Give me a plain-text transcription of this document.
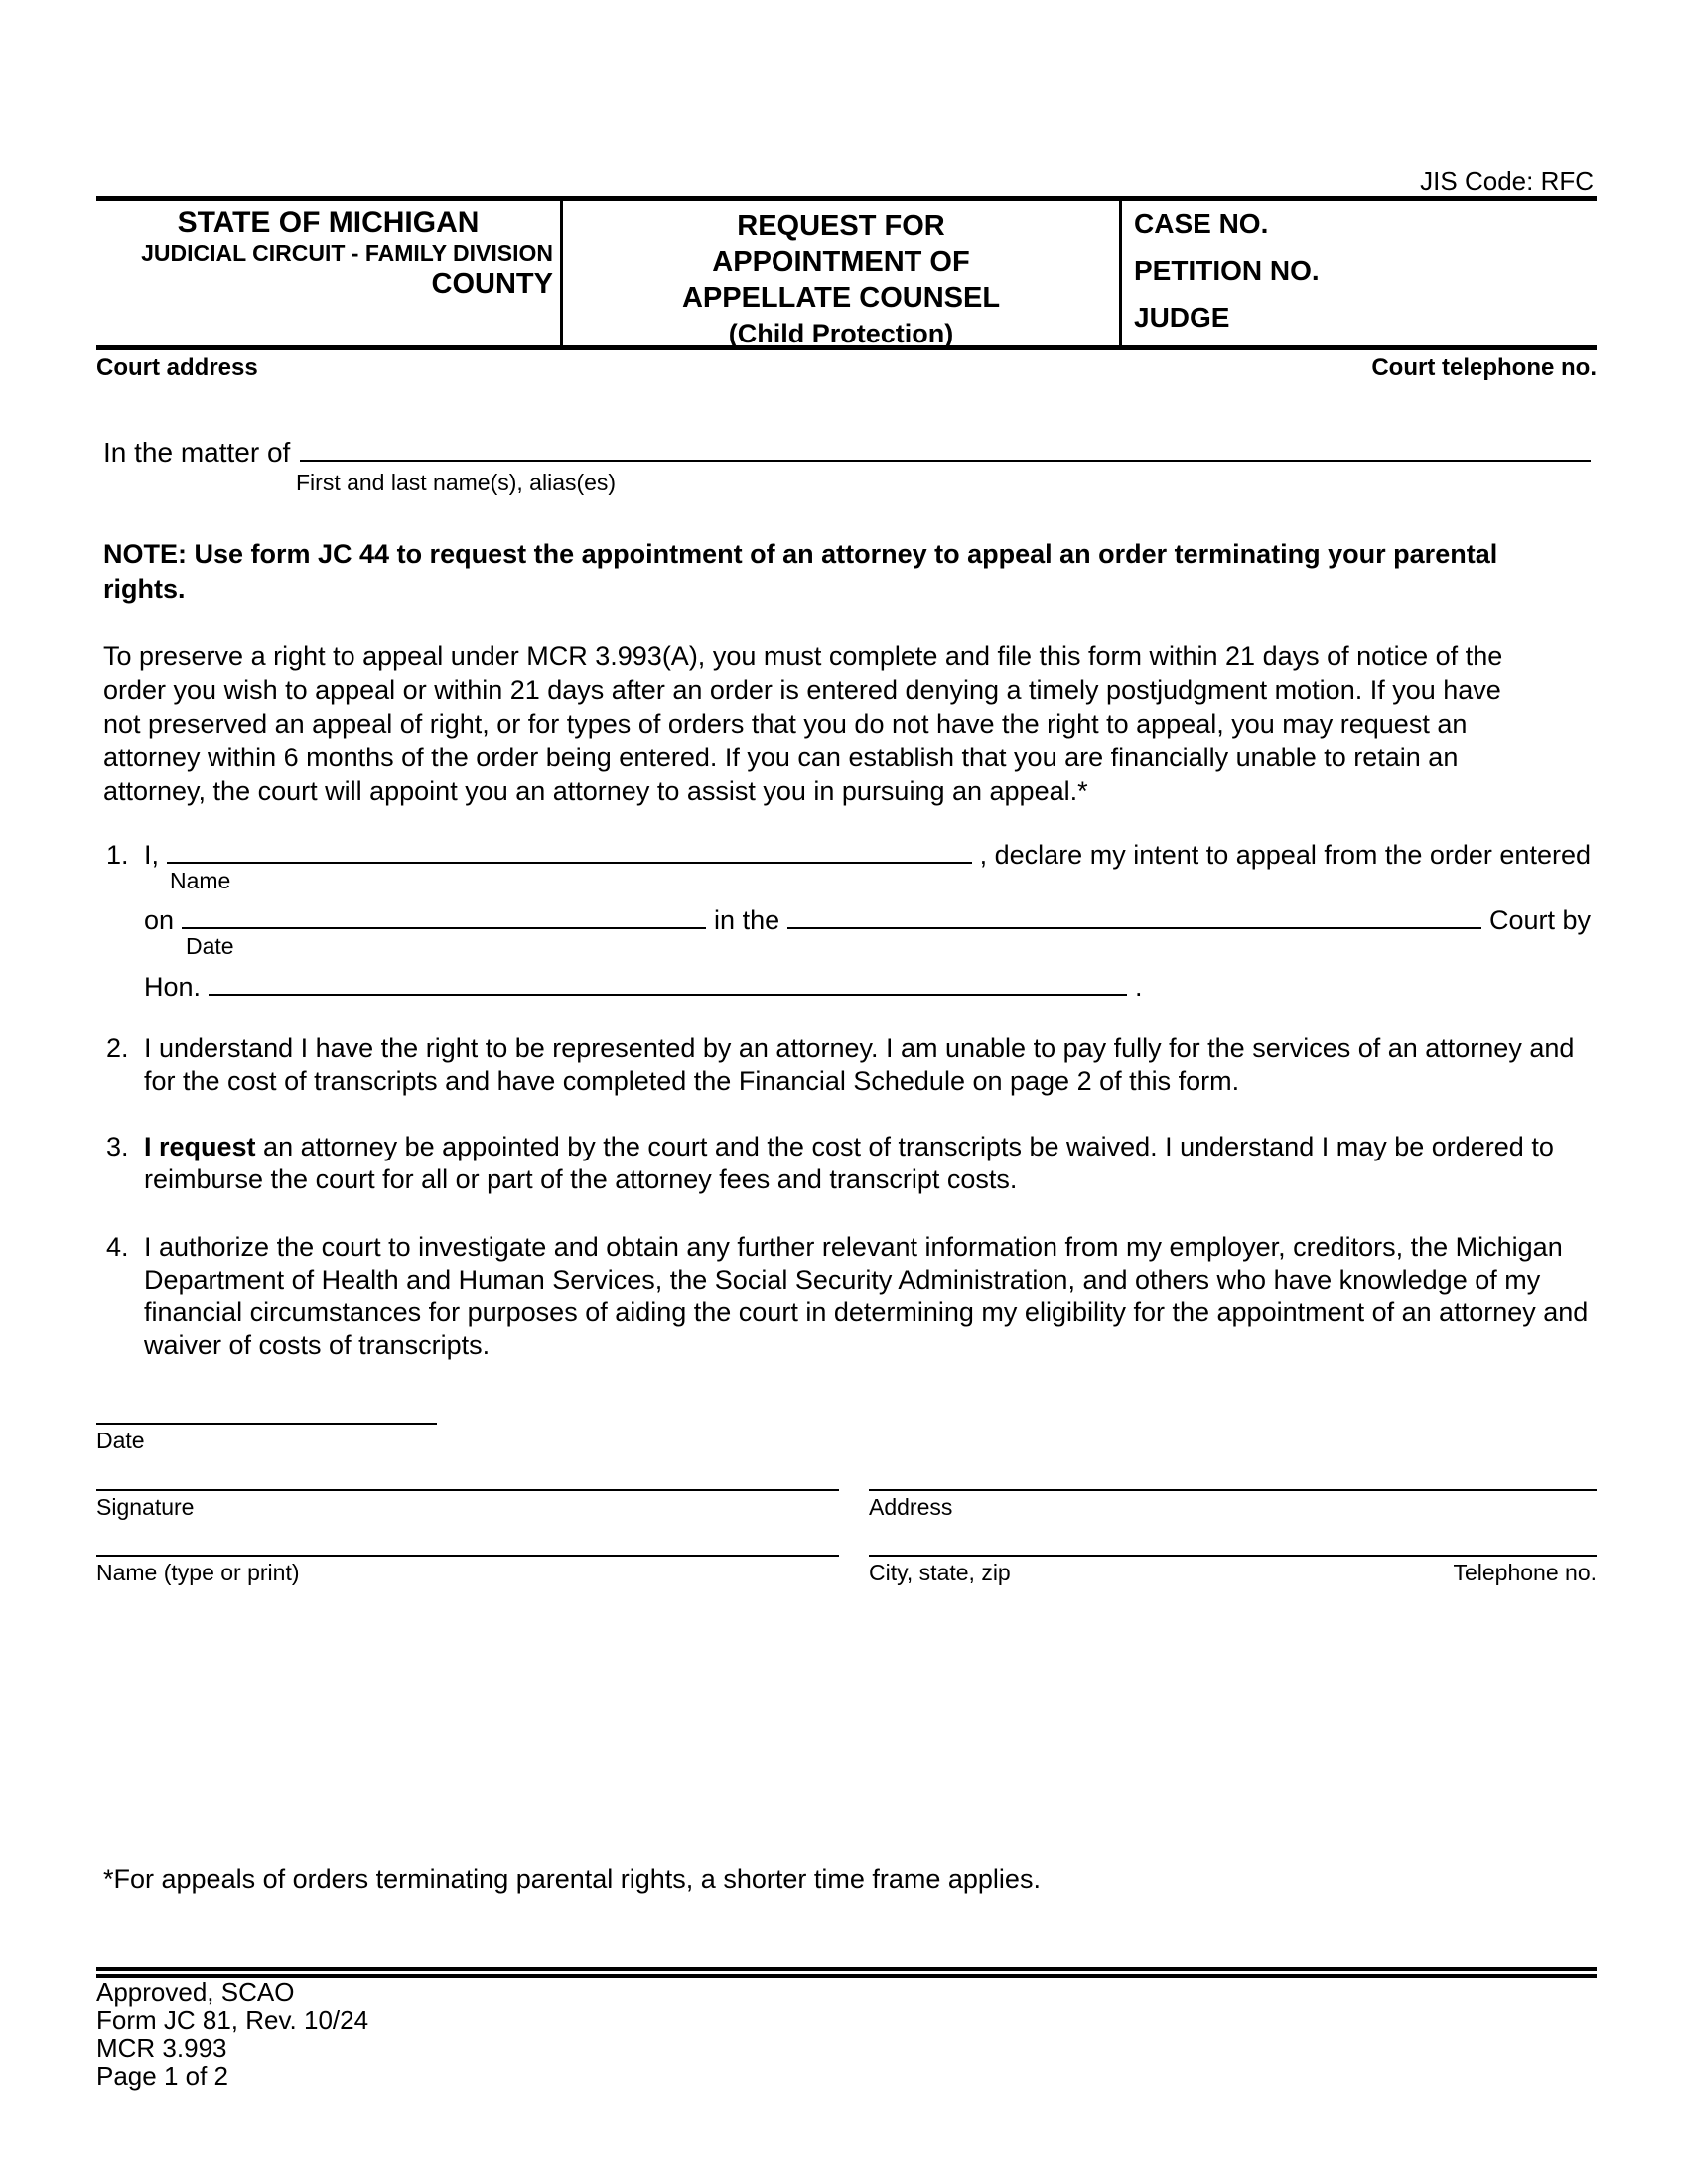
JIS Code: RFC
STATE OF MICHIGAN
JUDICIAL CIRCUIT - FAMILY DIVISION
COUNTY
REQUEST FOR
APPOINTMENT OF
APPELLATE COUNSEL
(Child Protection)
CASE NO.
PETITION NO.
JUDGE
Court address	Court telephone no.
In the matter of
First and last name(s), alias(es)
NOTE: Use form JC 44 to request the appointment of an attorney to appeal an order terminating your parental rights.
To preserve a right to appeal under MCR 3.993(A), you must complete and file this form within 21 days of notice of the order you wish to appeal or within 21 days after an order is entered denying a timely postjudgment motion. If you have not preserved an appeal of right, or for types of orders that you do not have the right to appeal, you may request an attorney within 6 months of the order being entered. If you can establish that you are financially unable to retain an attorney, the court will appoint you an attorney to assist you in pursuing an appeal.*
1. I,	, declare my intent to appeal from the order entered
Name
on	in the	Court by
Date
Hon.	.
2. I understand I have the right to be represented by an attorney. I am unable to pay fully for the services of an attorney and for the cost of transcripts and have completed the Financial Schedule on page 2 of this form.
3. I request an attorney be appointed by the court and the cost of transcripts be waived. I understand I may be ordered to reimburse the court for all or part of the attorney fees and transcript costs.
4. I authorize the court to investigate and obtain any further relevant information from my employer, creditors, the Michigan Department of Health and Human Services, the Social Security Administration, and others who have knowledge of my financial circumstances for purposes of aiding the court in determining my eligibility for the appointment of an attorney and waiver of costs of transcripts.
Date
Signature	Address
Name (type or print)	City, state, zip	Telephone no.
*For appeals of orders terminating parental rights, a shorter time frame applies.
Approved, SCAO
Form JC 81, Rev. 10/24
MCR 3.993
Page 1 of 2
